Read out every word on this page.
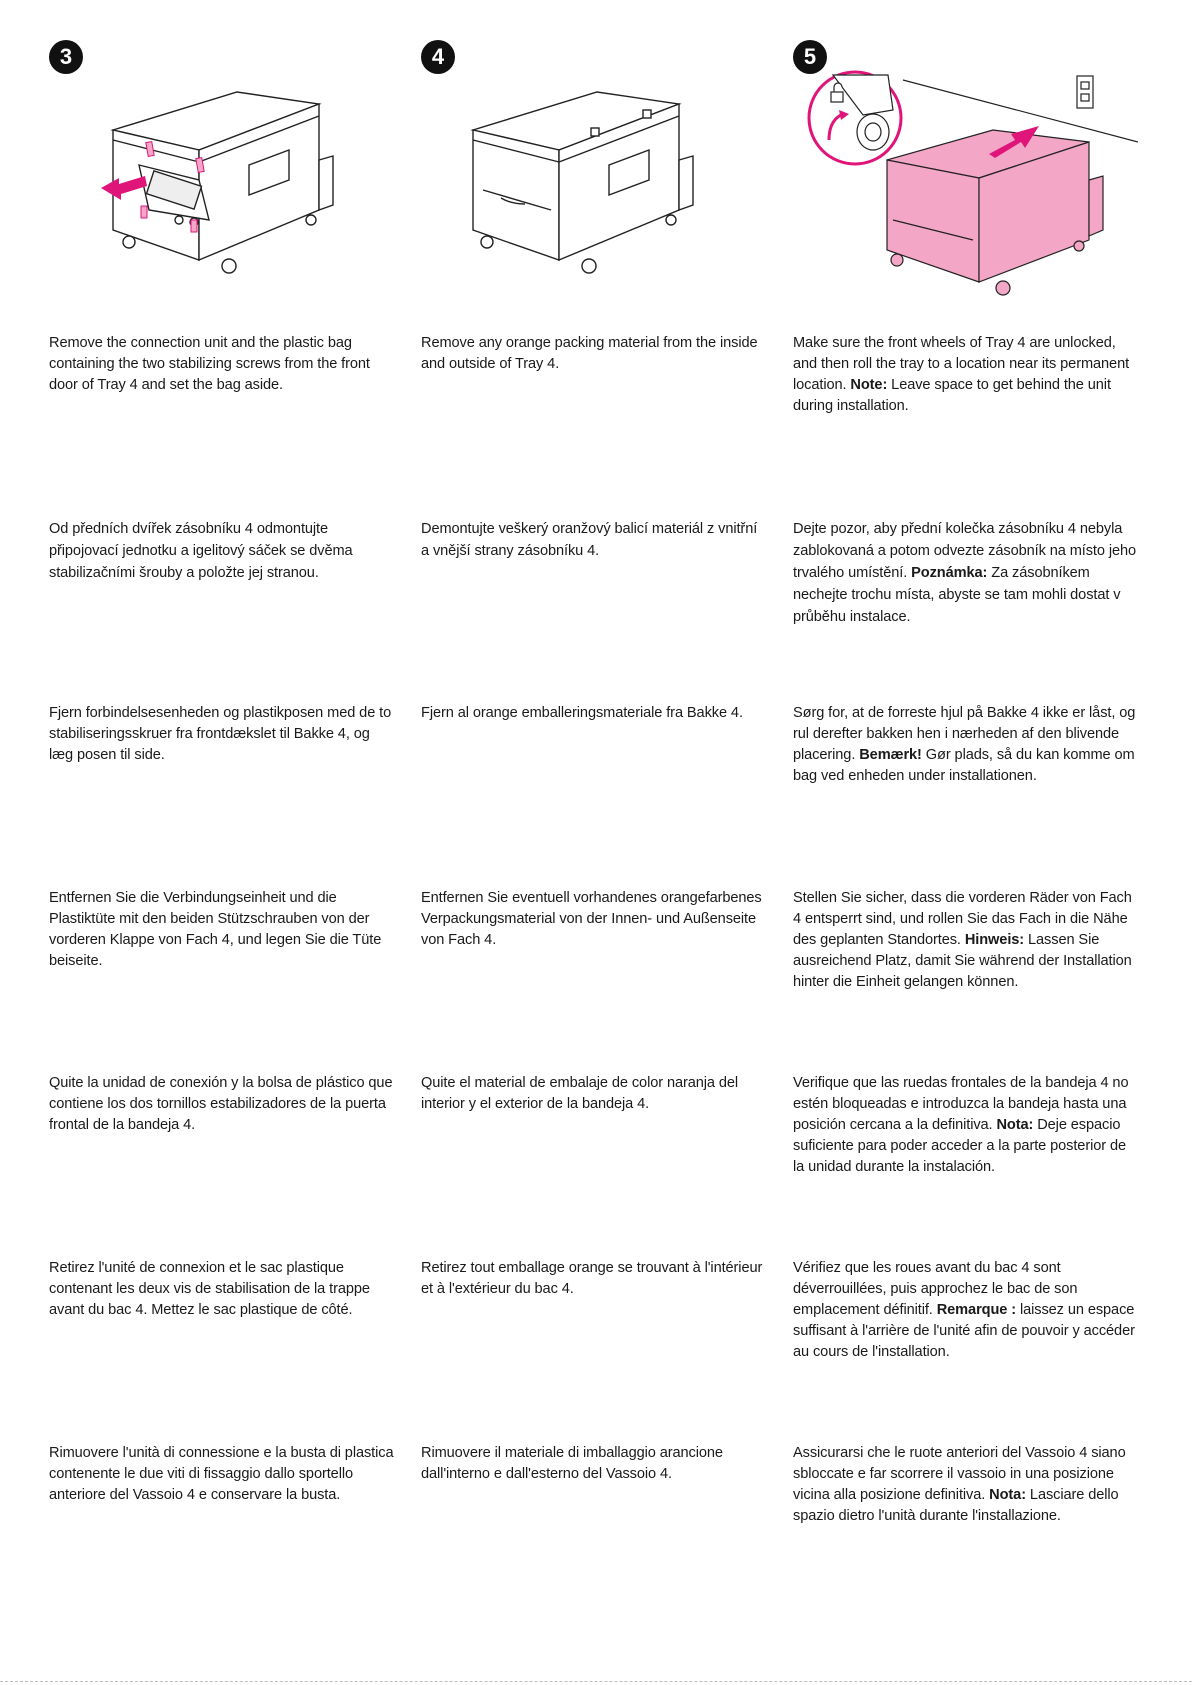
3	4	5

Remove the connection unit and the plastic bag containing the two stabilizing screws from the front door of Tray 4 and set the bag aside.

Od předních dvířek zásobníku 4 odmontujte připojovací jednotku a igelitový sáček se dvěma stabilizačními šrouby a položte jej stranou.

Fjern forbindelsesenheden og plastikposen med de to stabiliseringsskruer fra frontdækslet til Bakke 4, og læg posen til side.

Entfernen Sie die Verbindungseinheit und die Plastiktüte mit den beiden Stützschrauben von der vorderen Klappe von Fach 4, und legen Sie die Tüte beiseite.

Quite la unidad de conexión y la bolsa de plástico que contiene los dos tornillos estabilizadores de la puerta frontal de la bandeja 4.

Retirez l'unité de connexion et le sac plastique contenant les deux vis de stabilisation de la trappe avant du bac 4. Mettez le sac plastique de côté.

Rimuovere l'unità di connessione e la busta di plastica contenente le due viti di fissaggio dallo sportello anteriore del Vassoio 4 e conservare la busta.

Remove any orange packing material from the inside and outside of Tray 4.

Demontujte veškerý oranžový balicí materiál z vnitřní a vnější strany zásobníku 4.

Fjern al orange emballeringsmateriale fra Bakke 4.

Entfernen Sie eventuell vorhandenes orangefarbenes Verpackungsmaterial von der Innen- und Außenseite von Fach 4.

Quite el material de embalaje de color naranja del interior y el exterior de la bandeja 4.

Retirez tout emballage orange se trouvant à l'intérieur et à l'extérieur du bac 4.

Rimuovere il materiale di imballaggio arancione dall'interno e dall'esterno del Vassoio 4.

Make sure the front wheels of Tray 4 are unlocked, and then roll the tray to a location near its permanent location. Note: Leave space to get behind the unit during installation.

Dejte pozor, aby přední kolečka zásobníku 4 nebyla zablokovaná a potom odvezte zásobník na místo jeho trvalého umístění. Poznámka: Za zásobníkem nechejte trochu místa, abyste se tam mohli dostat v průběhu instalace.

Sørg for, at de forreste hjul på Bakke 4 ikke er låst, og rul derefter bakken hen i nærheden af den blivende placering. Bemærk! Gør plads, så du kan komme om bag ved enheden under installationen.

Stellen Sie sicher, dass die vorderen Räder von Fach 4 entsperrt sind, und rollen Sie das Fach in die Nähe des geplanten Standortes. Hinweis: Lassen Sie ausreichend Platz, damit Sie während der Installation hinter die Einheit gelangen können.

Verifique que las ruedas frontales de la bandeja 4 no estén bloqueadas e introduzca la bandeja hasta una posición cercana a la definitiva. Nota: Deje espacio suficiente para poder acceder a la parte posterior de la unidad durante la instalación.

Vérifiez que les roues avant du bac 4 sont déverrouillées, puis approchez le bac de son emplacement définitif. Remarque : laissez un espace suffisant à l'arrière de l'unité afin de pouvoir y accéder au cours de l'installation.

Assicurarsi che le ruote anteriori del Vassoio 4 siano sbloccate e far scorrere il vassoio in una posizione vicina alla posizione definitiva. Nota: Lasciare dello spazio dietro l'unità durante l'installazione.
